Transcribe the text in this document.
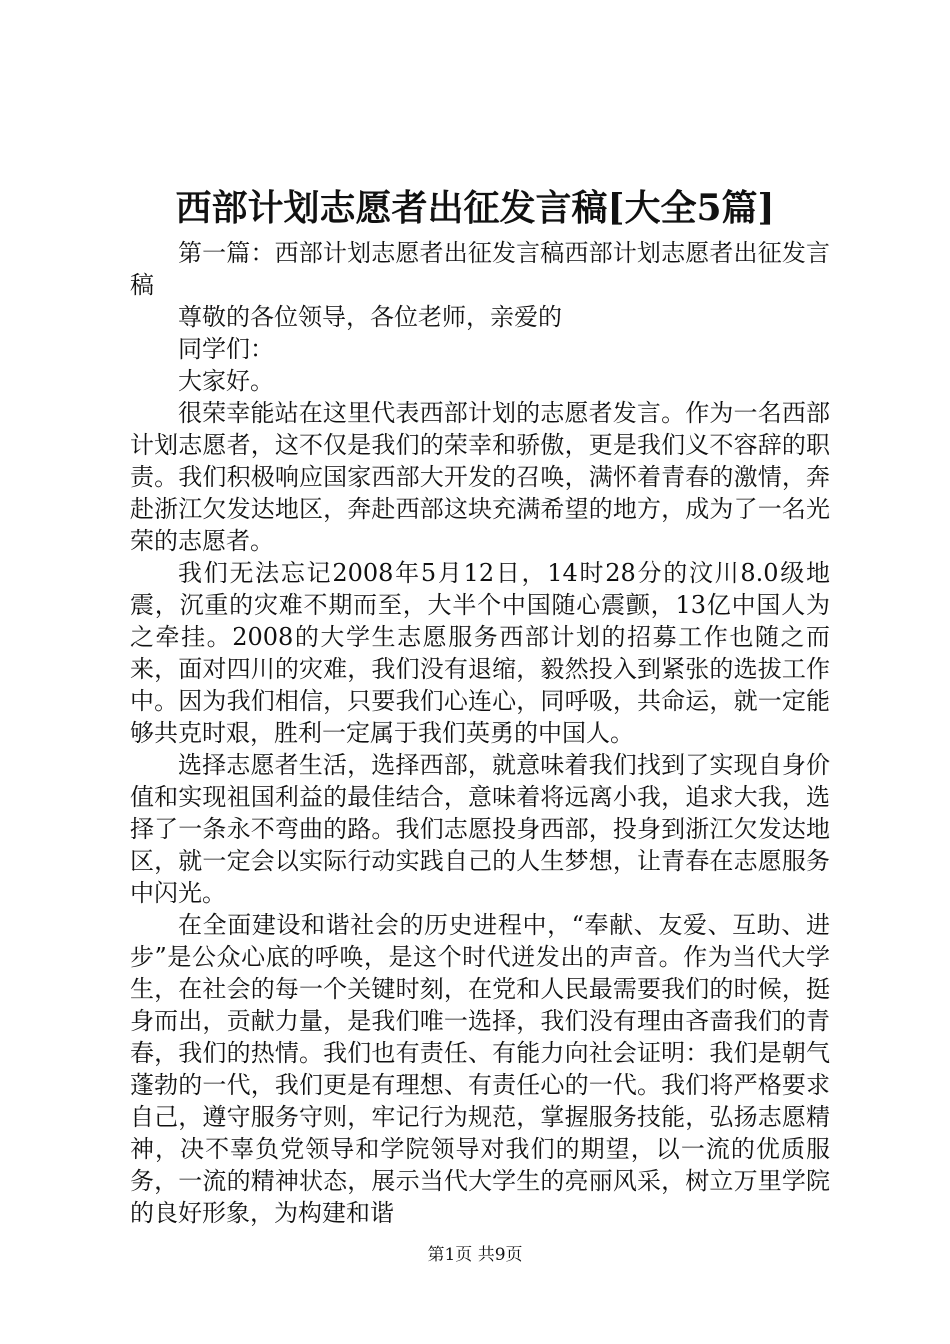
西部计划志愿者出征发言稿[大全5篇]

第一篇：西部计划志愿者出征发言稿西部计划志愿者出征发言稿

尊敬的各位领导，各位老师，亲爱的

同学们：

大家好。

很荣幸能站在这里代表西部计划的志愿者发言。作为一名西部计划志愿者，这不仅是我们的荣幸和骄傲，更是我们义不容辞的职责。我们积极响应国家西部大开发的召唤，满怀着青春的激情，奔赴浙江欠发达地区，奔赴西部这块充满希望的地方，成为了一名光荣的志愿者。

我们无法忘记2008年5月12日，14时28分的汶川8.0级地震，沉重的灾难不期而至，大半个中国随心震颤，13亿中国人为之牵挂。2008的大学生志愿服务西部计划的招募工作也随之而来，面对四川的灾难，我们没有退缩，毅然投入到紧张的选拔工作中。因为我们相信，只要我们心连心，同呼吸，共命运，就一定能够共克时艰，胜利一定属于我们英勇的中国人。

选择志愿者生活，选择西部，就意味着我们找到了实现自身价值和实现祖国利益的最佳结合，意味着将远离小我，追求大我，选择了一条永不弯曲的路。我们志愿投身西部，投身到浙江欠发达地区，就一定会以实际行动实践自己的人生梦想，让青春在志愿服务中闪光。

在全面建设和谐社会的历史进程中，“奉献、友爱、互助、进步”是公众心底的呼唤，是这个时代迸发出的声音。作为当代大学生，在社会的每一个关键时刻，在党和人民最需要我们的时候，挺身而出，贡献力量，是我们唯一选择，我们没有理由吝啬我们的青春，我们的热情。我们也有责任、有能力向社会证明：我们是朝气蓬勃的一代，我们更是有理想、有责任心的一代。我们将严格要求自己，遵守服务守则，牢记行为规范，掌握服务技能，弘扬志愿精神，决不辜负党领导和学院领导对我们的期望，以一流的优质服务，一流的精神状态，展示当代大学生的亮丽风采，树立万里学院的良好形象，为构建和谐

第1页 共9页
